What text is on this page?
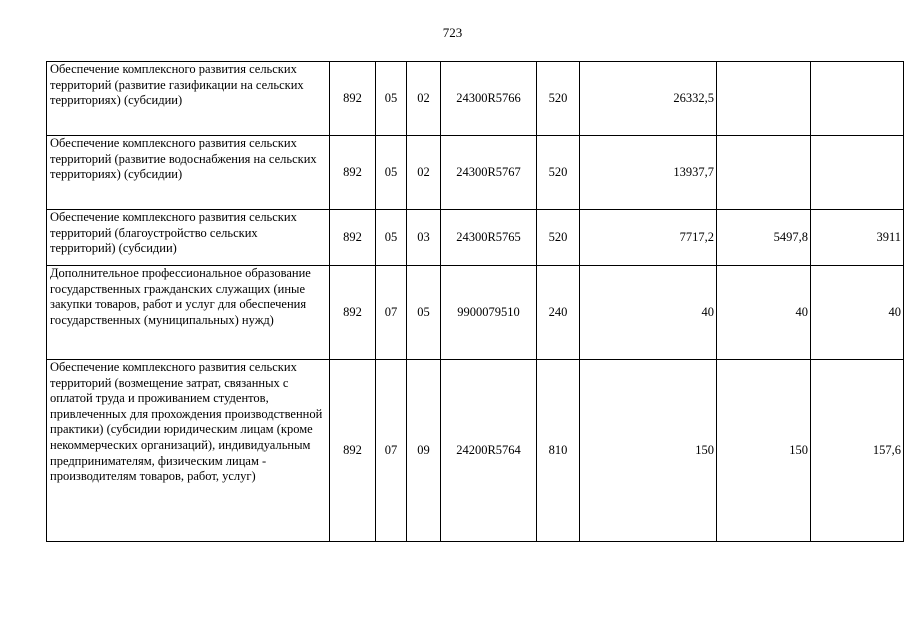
723
Обеспечение комплексного развития сельских территорий (развитие газификации на сельских территориях) (субсидии)	892	05	02	24300R5766	520	26332,5		
Обеспечение комплексного развития сельских территорий (развитие водоснабжения на сельских территориях) (субсидии)	892	05	02	24300R5767	520	13937,7		
Обеспечение комплексного развития сельских территорий (благоустройство сельских территорий) (субсидии)	892	05	03	24300R5765	520	7717,2	5497,8	3911
Дополнительное профессиональное образование государственных гражданских служащих (иные закупки товаров, работ и услуг для обеспечения государственных (муниципальных) нужд)	892	07	05	9900079510	240	40	40	40
Обеспечение комплексного развития сельских территорий (возмещение затрат, связанных с оплатой труда и проживанием студентов, привлеченных для прохождения производственной практики) (субсидии юридическим лицам (кроме некоммерческих организаций), индивидуальным предпринимателям, физическим лицам - производителям товаров, работ, услуг)	892	07	09	24200R5764	810	150	150	157,6
